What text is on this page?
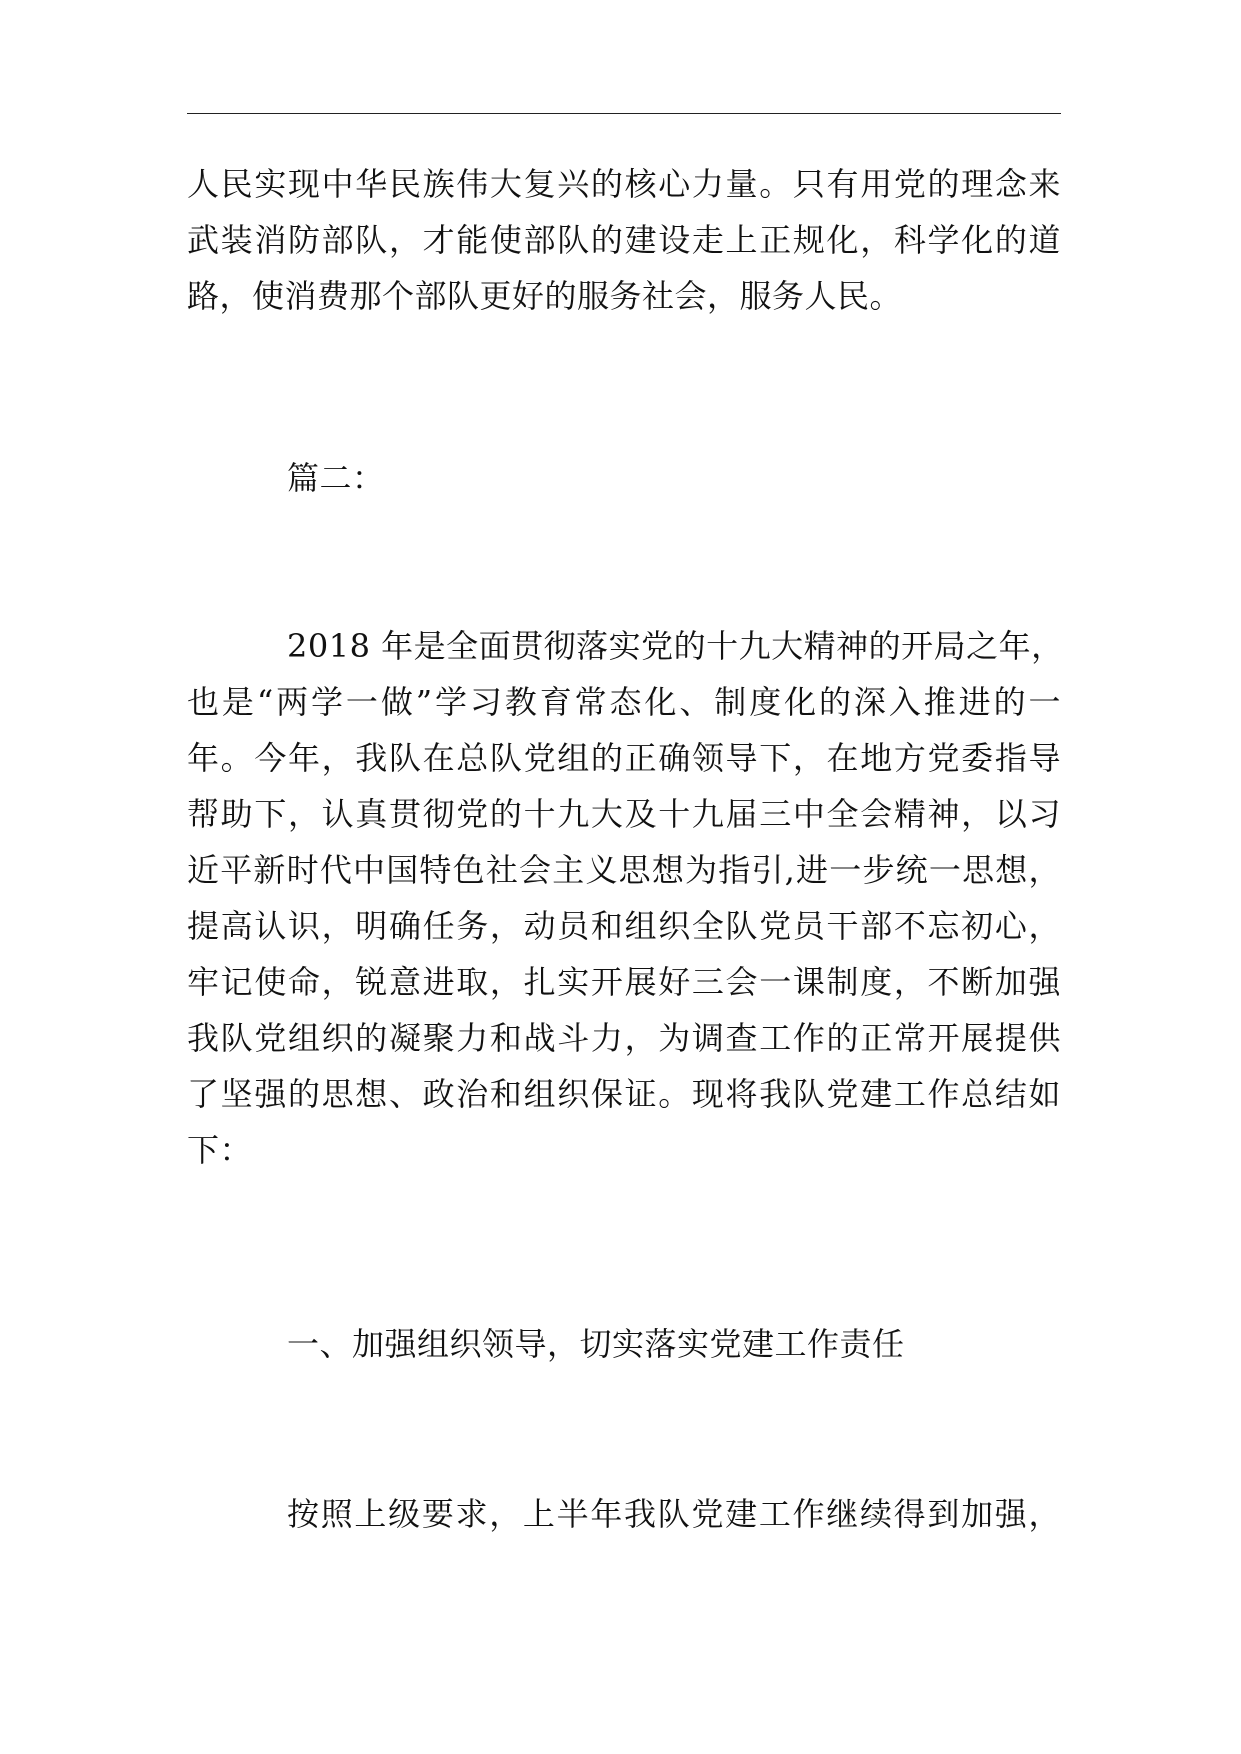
人民实现中华民族伟大复兴的核心力量。只有用党的理念来
武装消防部队，才能使部队的建设走上正规化，科学化的道
路，使消费那个部队更好的服务社会，服务人民。
篇二：
2018 年是全面贯彻落实党的十九大精神的开局之年，
也是“两学一做”学习教育常态化、制度化的深入推进的一
年。今年，我队在总队党组的正确领导下，在地方党委指导
帮助下，认真贯彻党的十九大及十九届三中全会精神，以习
近平新时代中国特色社会主义思想为指引,进一步统一思想，
提高认识，明确任务，动员和组织全队党员干部不忘初心，
牢记使命，锐意进取，扎实开展好三会一课制度，不断加强
我队党组织的凝聚力和战斗力，为调查工作的正常开展提供
了坚强的思想、政治和组织保证。现将我队党建工作总结如
下：
一、加强组织领导，切实落实党建工作责任
按照上级要求，上半年我队党建工作继续得到加强，
